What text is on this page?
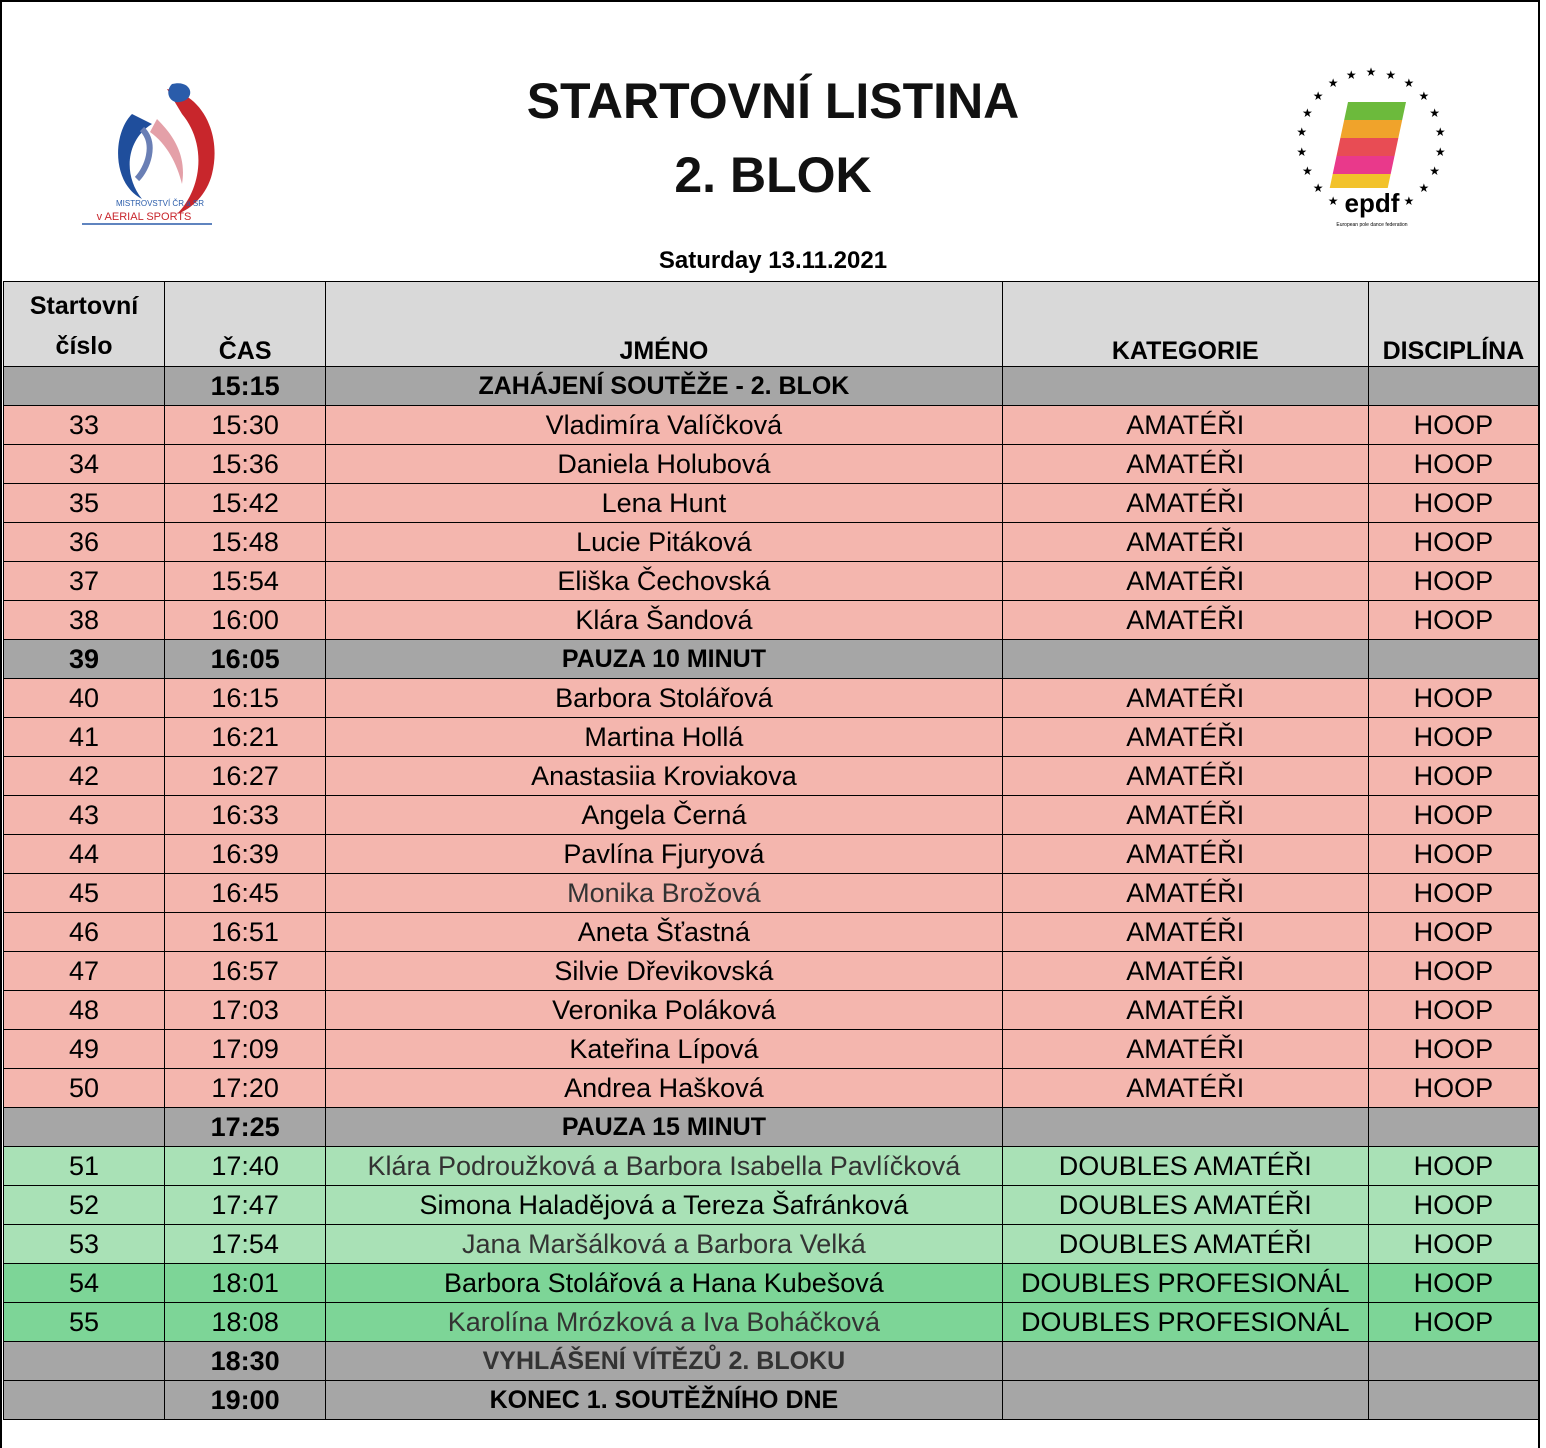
MISTROVSTVÍ ČR a SR
v AERIAL SPORTS
STARTOVNÍ LISTINA
2. BLOK
Saturday 13.11.2021
★ ★
★
★
★
★
★
★
★
★
★
★
★
★
★
★
★
★
★
epdf
European pole dance federation
Startovní
číslo	ČAS	JMÉNO	KATEGORIE	DISCIPLÍNA
	15:15	ZAHÁJENÍ SOUTĚŽE - 2. BLOK		
33	15:30	Vladimíra Valíčková	AMATÉŘI	HOOP
34	15:36	Daniela Holubová	AMATÉŘI	HOOP
35	15:42	Lena Hunt	AMATÉŘI	HOOP
36	15:48	Lucie Pitáková	AMATÉŘI	HOOP
37	15:54	Eliška Čechovská	AMATÉŘI	HOOP
38	16:00	Klára Šandová	AMATÉŘI	HOOP
39	16:05	PAUZA 10 MINUT		
40	16:15	Barbora Stolářová	AMATÉŘI	HOOP
41	16:21	Martina Hollá	AMATÉŘI	HOOP
42	16:27	Anastasiia Kroviakova	AMATÉŘI	HOOP
43	16:33	Angela Černá	AMATÉŘI	HOOP
44	16:39	Pavlína Fjuryová	AMATÉŘI	HOOP
45	16:45	Monika Brožová	AMATÉŘI	HOOP
46	16:51	Aneta Šťastná	AMATÉŘI	HOOP
47	16:57	Silvie Dřevikovská	AMATÉŘI	HOOP
48	17:03	Veronika Poláková	AMATÉŘI	HOOP
49	17:09	Kateřina Lípová	AMATÉŘI	HOOP
50	17:20	Andrea Hašková	AMATÉŘI	HOOP
	17:25	PAUZA 15 MINUT		
51	17:40	Klára Podroužková a Barbora Isabella Pavlíčková	DOUBLES AMATÉŘI	HOOP
52	17:47	Simona Haladějová a Tereza Šafránková	DOUBLES AMATÉŘI	HOOP
53	17:54	Jana Maršálková a Barbora Velká	DOUBLES AMATÉŘI	HOOP
54	18:01	Barbora Stolářová a Hana Kubešová	DOUBLES PROFESIONÁL	HOOP
55	18:08	Karolína Mrózková a Iva Boháčková	DOUBLES PROFESIONÁL	HOOP
	18:30	VYHLÁŠENÍ VÍTĚZŮ 2. BLOKU		
	19:00	KONEC 1. SOUTĚŽNÍHO DNE		
